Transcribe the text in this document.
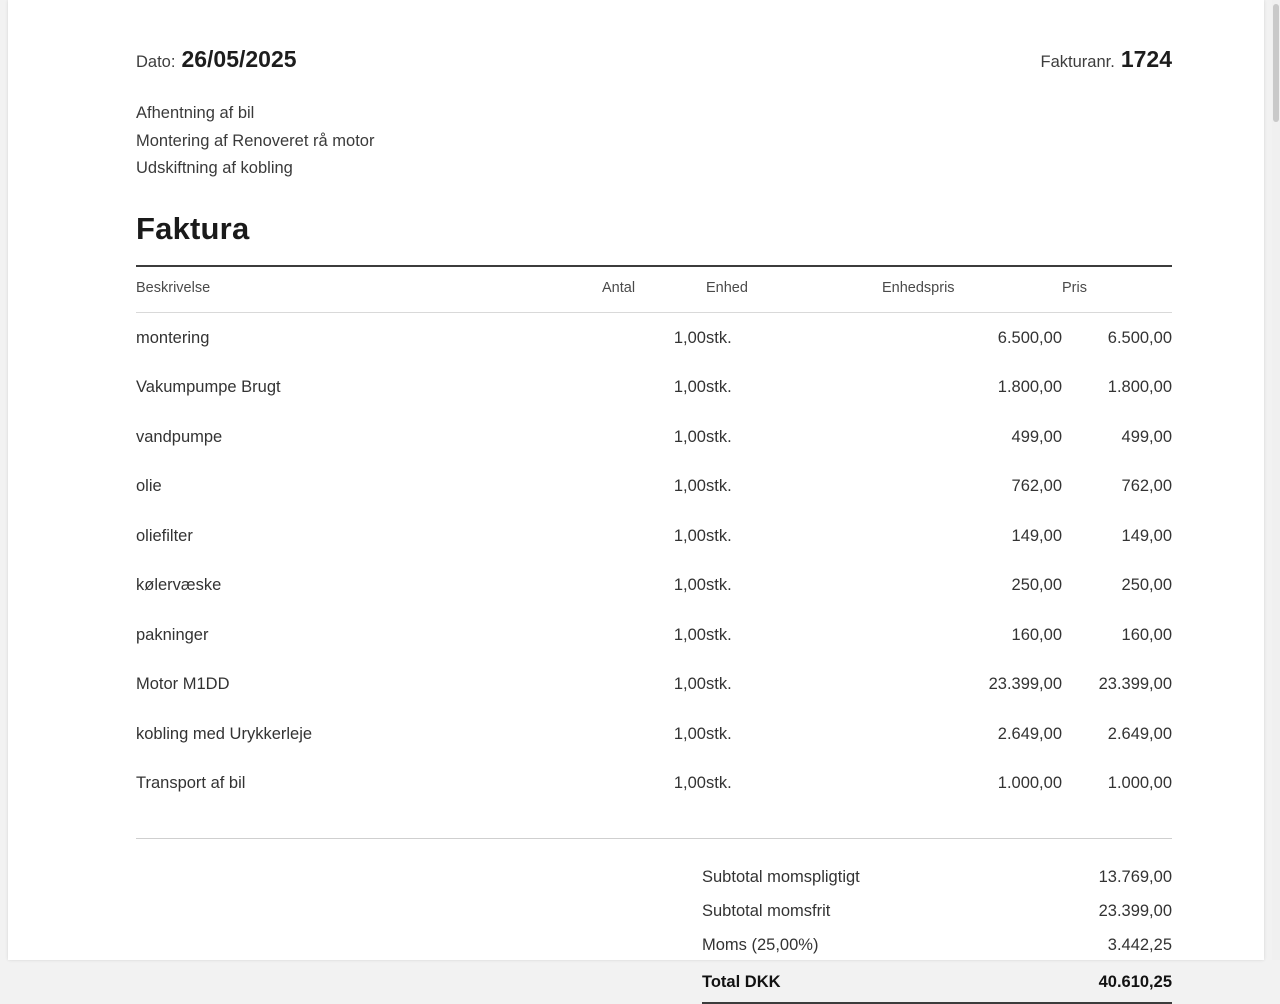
Dato: 26/05/2025	Fakturanr. 1724
Afhentning af bil
Montering af Renoveret rå motor
Udskiftning af kobling
Faktura
Beskrivelse	Antal	Enhed	Enhedspris	Pris
montering	1,00	stk.	6.500,00	6.500,00
Vakumpumpe Brugt	1,00	stk.	1.800,00	1.800,00
vandpumpe	1,00	stk.	499,00	499,00
olie	1,00	stk.	762,00	762,00
oliefilter	1,00	stk.	149,00	149,00
kølervæske	1,00	stk.	250,00	250,00
pakninger	1,00	stk.	160,00	160,00
Motor M1DD	1,00	stk.	23.399,00	23.399,00
kobling med Urykkerleje	1,00	stk.	2.649,00	2.649,00
Transport af bil	1,00	stk.	1.000,00	1.000,00
Subtotal momspligtigt	13.769,00
Subtotal momsfrit	23.399,00
Moms (25,00%)	3.442,25
Total DKK	40.610,25
